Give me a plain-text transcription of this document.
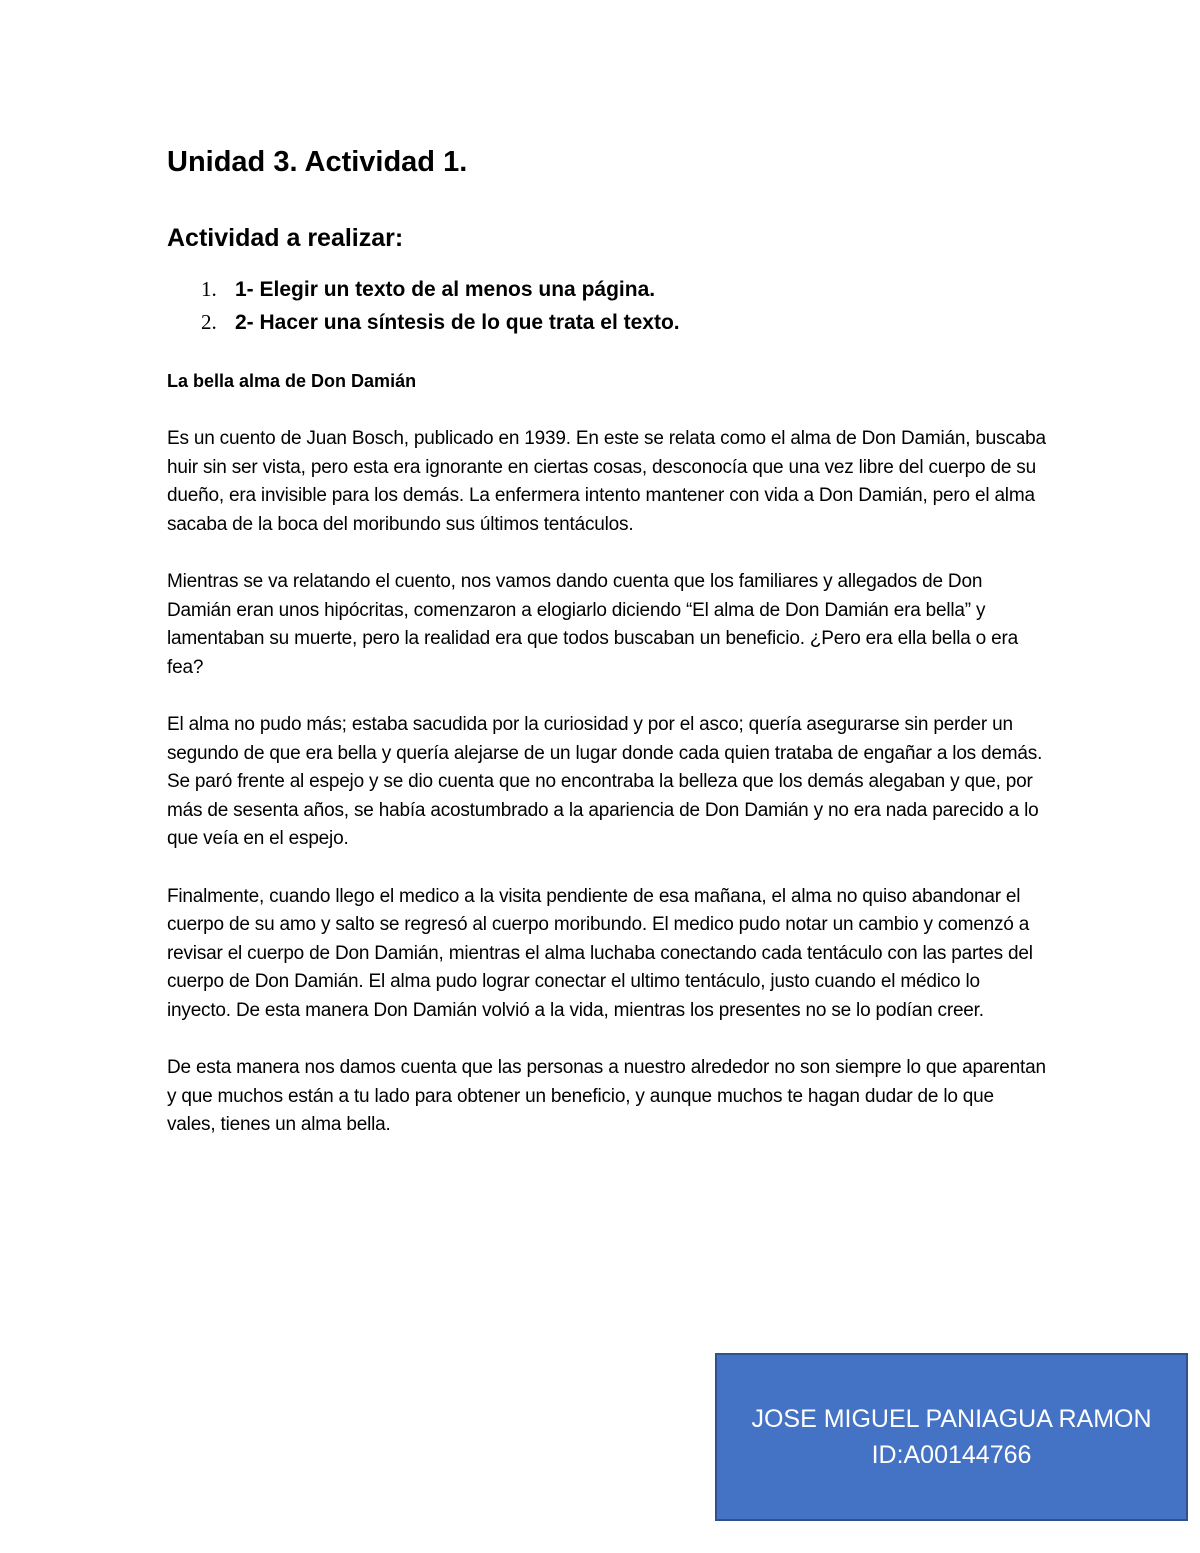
Unidad 3. Actividad 1.
Actividad a realizar:
1. 1- Elegir un texto de al menos una página.
2. 2- Hacer una síntesis de lo que trata el texto.
La bella alma de Don Damián

Es un cuento de Juan Bosch, publicado en 1939. En este se relata como el alma de Don Damián, buscaba huir sin ser vista, pero esta era ignorante en ciertas cosas, desconocía que una vez libre del cuerpo de su dueño, era invisible para los demás. La enfermera intento mantener con vida a Don Damián, pero el alma sacaba de la boca del moribundo sus últimos tentáculos.

Mientras se va relatando el cuento, nos vamos dando cuenta que los familiares y allegados de Don Damián eran unos hipócritas, comenzaron a elogiarlo diciendo “El alma de Don Damián era bella” y lamentaban su muerte, pero la realidad era que todos buscaban un beneficio. ¿Pero era ella bella o era fea?

El alma no pudo más; estaba sacudida por la curiosidad y por el asco; quería asegurarse sin perder un segundo de que era bella y quería alejarse de un lugar donde cada quien trataba de engañar a los demás. Se paró frente al espejo y se dio cuenta que no encontraba la belleza que los demás alegaban y que, por más de sesenta años, se había acostumbrado a la apariencia de Don Damián y no era nada parecido a lo que veía en el espejo.

Finalmente, cuando llego el medico a la visita pendiente de esa mañana, el alma no quiso abandonar el cuerpo de su amo y salto se regresó al cuerpo moribundo. El medico pudo notar un cambio y comenzó a revisar el cuerpo de Don Damián, mientras el alma luchaba conectando cada tentáculo con las partes del cuerpo de Don Damián. El alma pudo lograr conectar el ultimo tentáculo, justo cuando el médico lo inyecto. De esta manera Don Damián volvió a la vida, mientras los presentes no se lo podían creer.

De esta manera nos damos cuenta que las personas a nuestro alrededor no son siempre lo que aparentan y que muchos están a tu lado para obtener un beneficio, y aunque muchos te hagan dudar de lo que vales, tienes un alma bella.

JOSE MIGUEL PANIAGUA RAMON
ID:A00144766
